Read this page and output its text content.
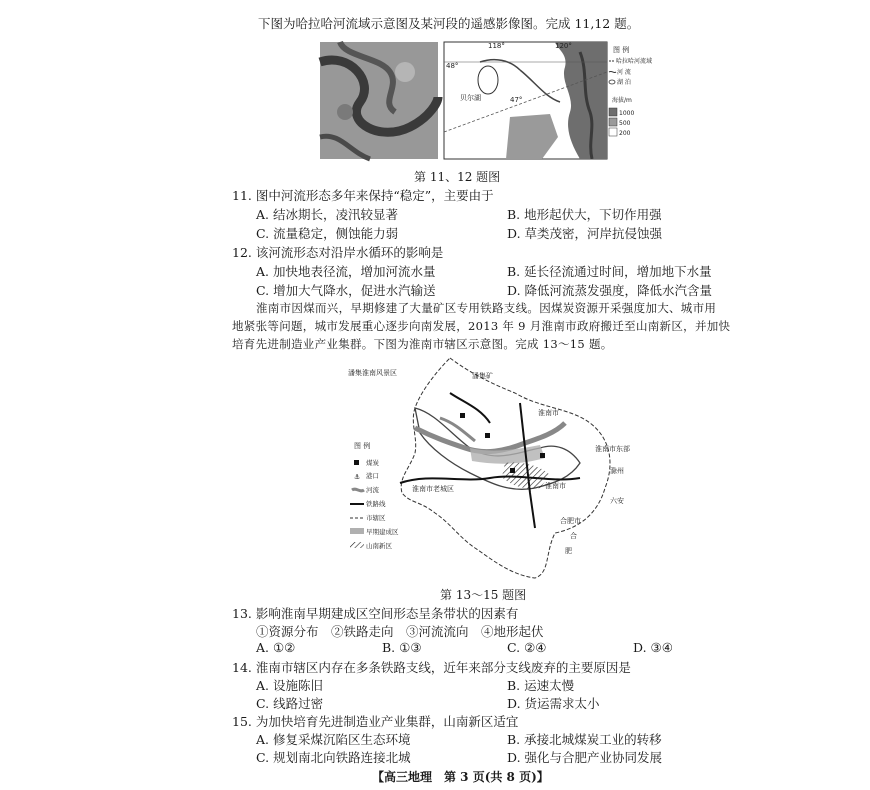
下图为哈拉哈河流域示意图及某河段的遥感影像图。完成 11,12 题。
贝尔湖
118°	120°
48°
47°
图 例
哈拉哈河流域
河 流
湖 泊
海拔/m
1000
500
200
第 11、12 题图
11. 图中河流形态多年来保持“稳定”，主要由于
A. 结冰期长，凌汛较显著	B. 地形起伏大，下切作用强
C. 流量稳定，侧蚀能力弱	D. 草类茂密，河岸抗侵蚀强
12. 该河流形态对沿岸水循环的影响是
A. 加快地表径流，增加河流水量	B. 延长径流通过时间，增加地下水量
C. 增加大气降水，促进水汽输送	D. 降低河流蒸发强度，降低水汽含量
淮南市因煤而兴，早期修建了大量矿区专用铁路支线。因煤炭资源开采强度加大、城市用
地紧张等问题，城市发展重心逐步向南发展，2013 年 9 月淮南市政府搬迁至山南新区，并加快
培育先进制造业产业集群。下图为淮南市辖区示意图。完成 13～15 题。
潘集淮南风景区	潘集矿
淮南市
淮南市东部
淮南市老城区	淮南市
合肥市
滁州
六安
合
肥
图 例
煤炭
⚓ 港口
河流
铁路线
市辖区
早期建成区
山南新区
第 13～15 题图
13. 影响淮南早期建成区空间形态呈条带状的因素有
①资源分布　②铁路走向　③河流流向　④地形起伏
A. ①②	B. ①③	C. ②④	D. ③④
14. 淮南市辖区内存在多条铁路支线，近年来部分支线废弃的主要原因是
A. 设施陈旧	B. 运速太慢
C. 线路过密	D. 货运需求太小
15. 为加快培育先进制造业产业集群，山南新区适宜
A. 修复采煤沉陷区生态环境	B. 承接北城煤炭工业的转移
C. 规划南北向铁路连接北城	D. 强化与合肥产业协同发展
【高三地理　第 3 页(共 8 页)】
